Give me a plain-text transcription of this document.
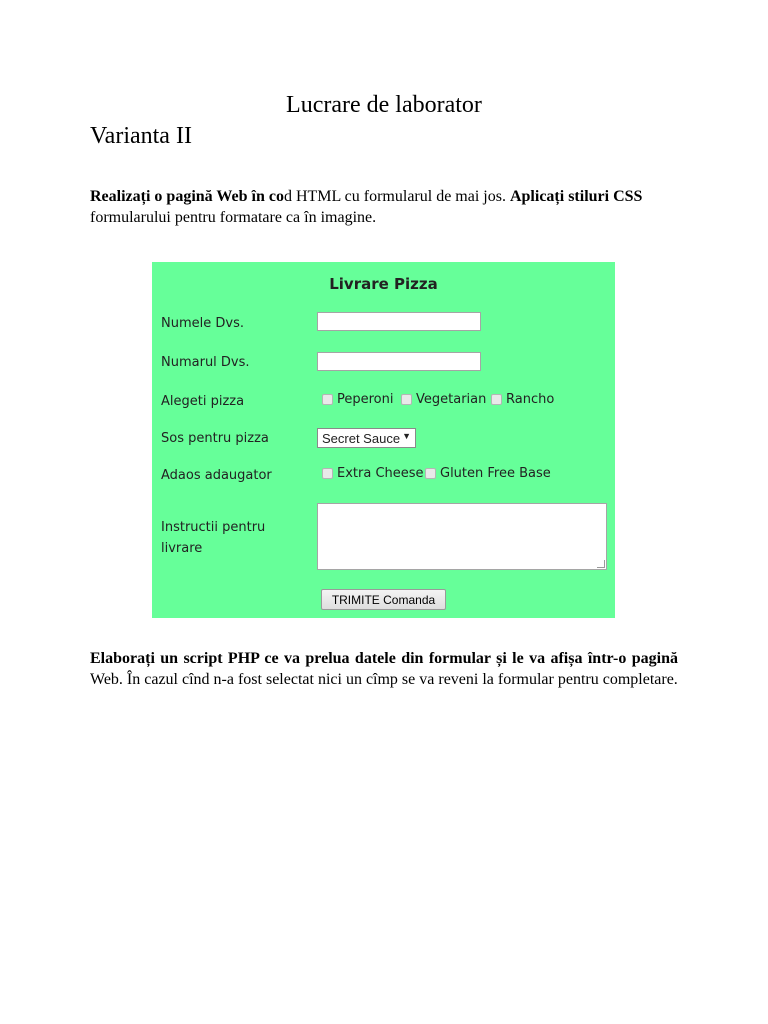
Lucrare de laborator
Varianta II
Realizați o pagină Web în cod HTML cu formularul de mai jos. Aplicați stiluri CSS formularului pentru formatare ca în imagine.
Livrare Pizza
Numele Dvs.
Numarul Dvs.
Alegeti pizza	Peperoni Vegetarian Rancho
Sos pentru pizza	Secret Sauce ▼
Adaos adaugator	Extra Cheese Gluten Free Base
Instructii pentru
livrare
TRIMITE Comanda
Elaborați un script PHP ce va prelua datele din formular și le va afișa într-o pagină Web. În cazul cînd n-a fost selectat nici un cîmp se va reveni la formular pentru completare.
